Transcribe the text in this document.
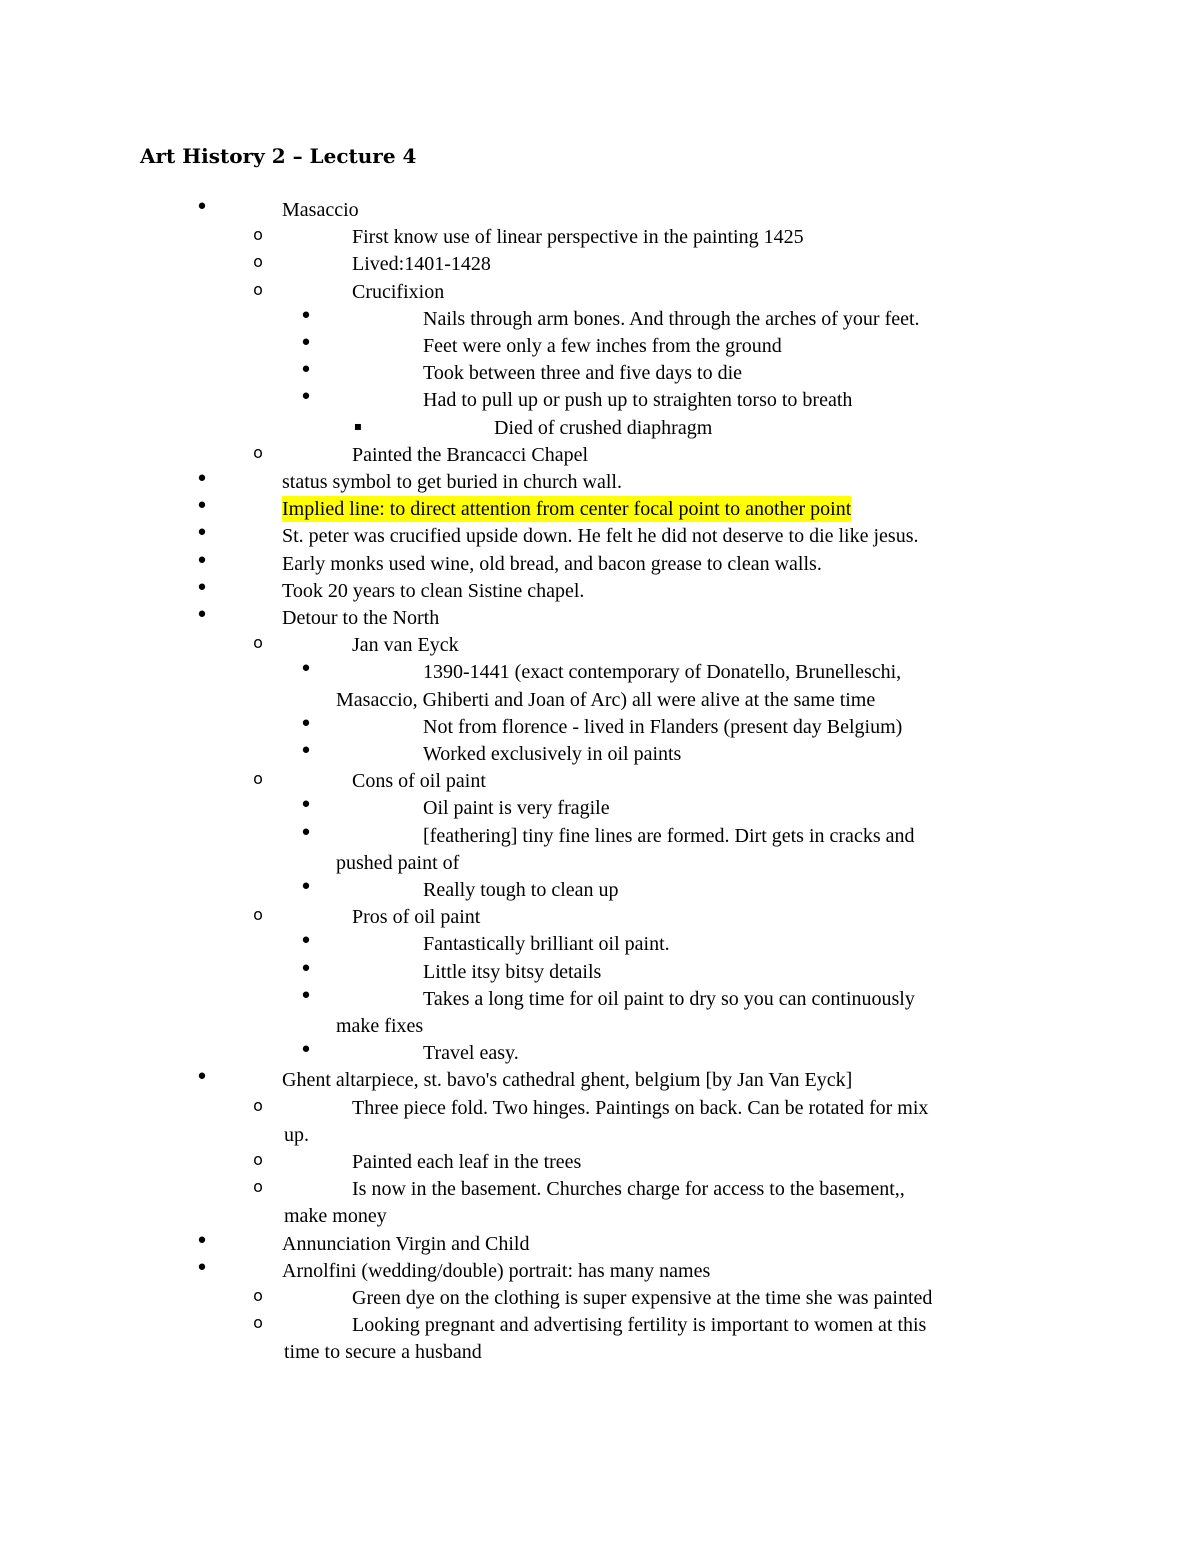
Art History 2 – Lecture 4
•	Masaccio
o	First know use of linear perspective in the painting 1425
o	Lived:1401-1428
o	Crucifixion
•	Nails through arm bones. And through the arches of your feet.
•	Feet were only a few inches from the ground
•	Took between three and five days to die
•	Had to pull up or push up to straighten torso to breath
▪	Died of crushed diaphragm
o	Painted the Brancacci Chapel
•	status symbol to get buried in church wall.
•	Implied line: to direct attention from center focal point to another point
•	St. peter was crucified upside down. He felt he did not deserve to die like jesus.
•	Early monks used wine, old bread, and bacon grease to clean walls.
•	Took 20 years to clean Sistine chapel.
•	Detour to the North
o	Jan van Eyck
•	1390-1441 (exact contemporary of Donatello, Brunelleschi,
Masaccio, Ghiberti and Joan of Arc) all were alive at the same time
•	Not from florence - lived in Flanders (present day Belgium)
•	Worked exclusively in oil paints
o	Cons of oil paint
•	Oil paint is very fragile
•	[feathering] tiny fine lines are formed. Dirt gets in cracks and
pushed paint of
•	Really tough to clean up
o	Pros of oil paint
•	Fantastically brilliant oil paint.
•	Little itsy bitsy details
•	Takes a long time for oil paint to dry so you can continuously
make fixes
•	Travel easy.
•	Ghent altarpiece, st. bavo's cathedral ghent, belgium [by Jan Van Eyck]
o	Three piece fold. Two hinges. Paintings on back. Can be rotated for mix
up.
o	Painted each leaf in the trees
o	Is now in the basement. Churches charge for access to the basement,,
make money
•	Annunciation Virgin and Child
•	Arnolfini (wedding/double) portrait: has many names
o	Green dye on the clothing is super expensive at the time she was painted
o	Looking pregnant and advertising fertility is important to women at this
time to secure a husband
